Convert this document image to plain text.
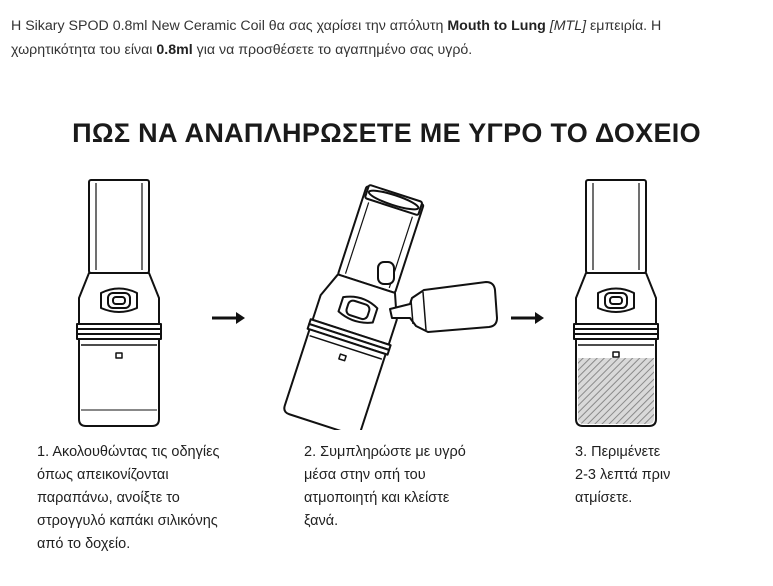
Η Sikary SPOD 0.8ml New Ceramic Coil θα σας χαρίσει την απόλυτη Mouth to Lung [MTL] εμπειρία. Η
χωρητικότητα του είναι 0.8ml για να προσθέσετε το αγαπημένο σας υγρό.
ΠΩΣ ΝΑ ΑΝΑΠΛΗΡΩΣΕΤΕ ΜΕ ΥΓΡΟ ΤΟ ΔΟΧΕΙΟ
1. Ακολουθώντας τις οδηγίες
όπως απεικονίζονται
παραπάνω, ανοίξτε το
στρογγυλό καπάκι σιλικόνης
από το δοχείο.
2. Συμπληρώστε με υγρό
μέσα στην οπή του
ατμοποιητή και κλείστε
ξανά.
3. Περιμένετε
2-3 λεπτά πριν
ατμίσετε.
